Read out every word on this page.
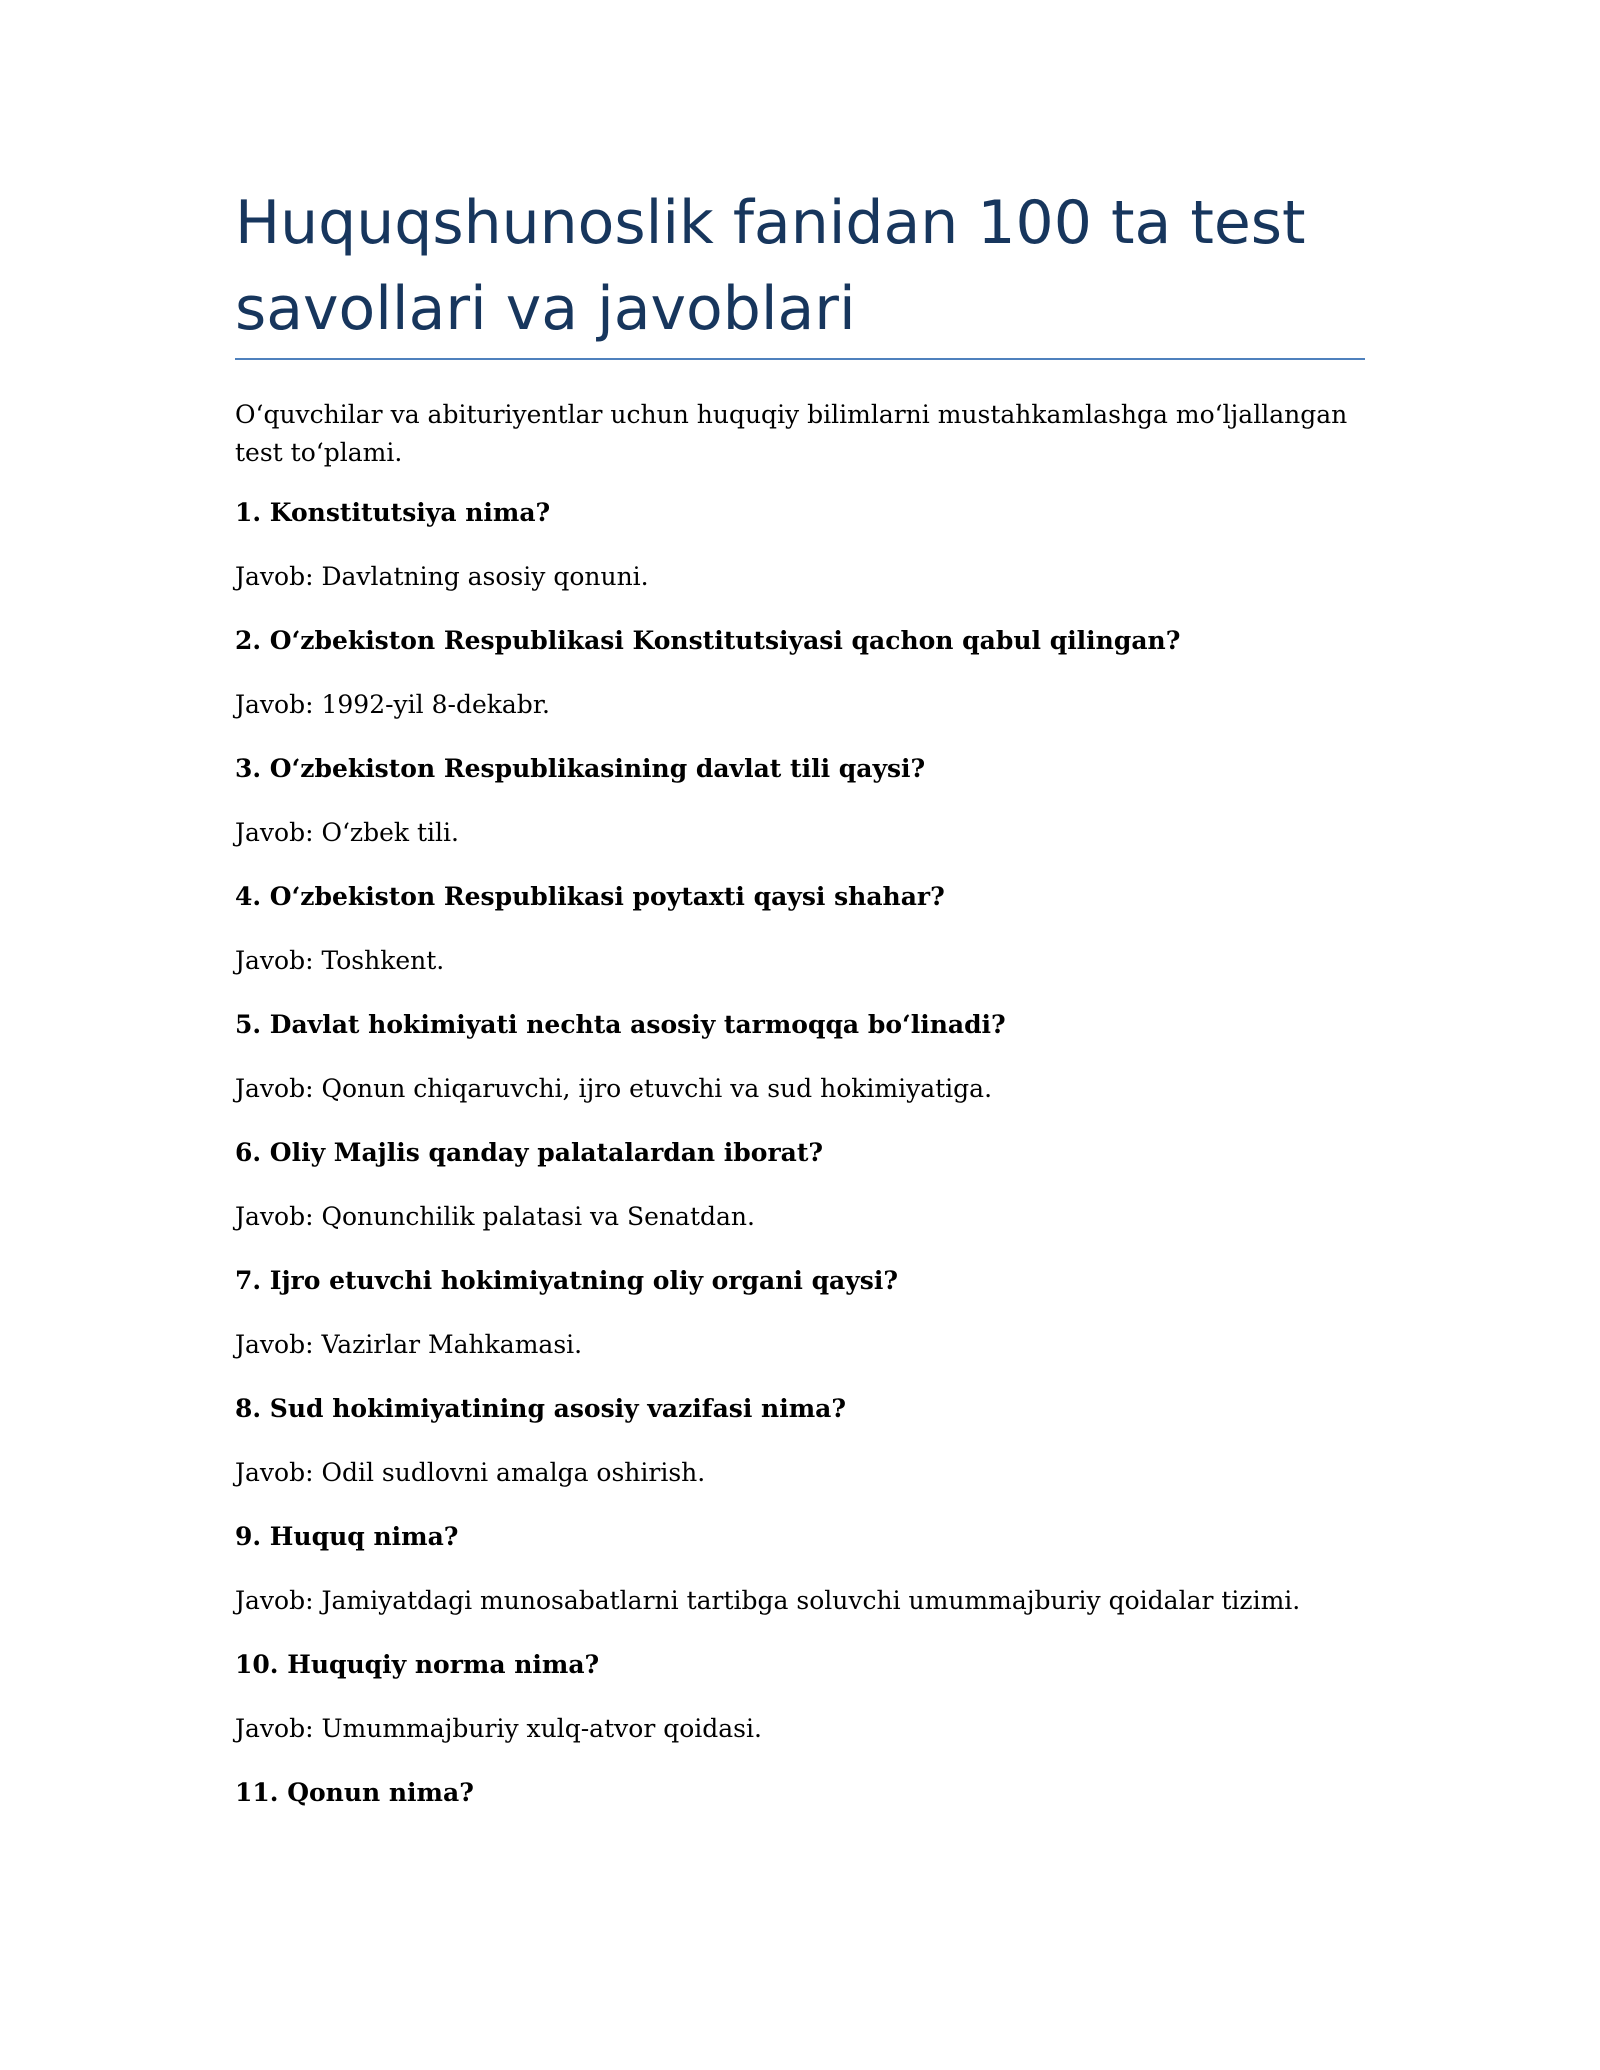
Huquqshunoslik fanidan 100 ta test
savollari va javoblari

O‘quvchilar va abituriyentlar uchun huquqiy bilimlarni mustahkamlashga mo‘ljallangan test to‘plami.

1. Konstitutsiya nima?

Javob: Davlatning asosiy qonuni.

2. O‘zbekiston Respublikasi Konstitutsiyasi qachon qabul qilingan?

Javob: 1992-yil 8-dekabr.

3. O‘zbekiston Respublikasining davlat tili qaysi?

Javob: O‘zbek tili.

4. O‘zbekiston Respublikasi poytaxti qaysi shahar?

Javob: Toshkent.

5. Davlat hokimiyati nechta asosiy tarmoqqa bo‘linadi?

Javob: Qonun chiqaruvchi, ijro etuvchi va sud hokimiyatiga.

6. Oliy Majlis qanday palatalardan iborat?

Javob: Qonunchilik palatasi va Senatdan.

7. Ijro etuvchi hokimiyatning oliy organi qaysi?

Javob: Vazirlar Mahkamasi.

8. Sud hokimiyatining asosiy vazifasi nima?

Javob: Odil sudlovni amalga oshirish.

9. Huquq nima?

Javob: Jamiyatdagi munosabatlarni tartibga soluvchi umummajburiy qoidalar tizimi.

10. Huquqiy norma nima?

Javob: Umummajburiy xulq-atvor qoidasi.

11. Qonun nima?
